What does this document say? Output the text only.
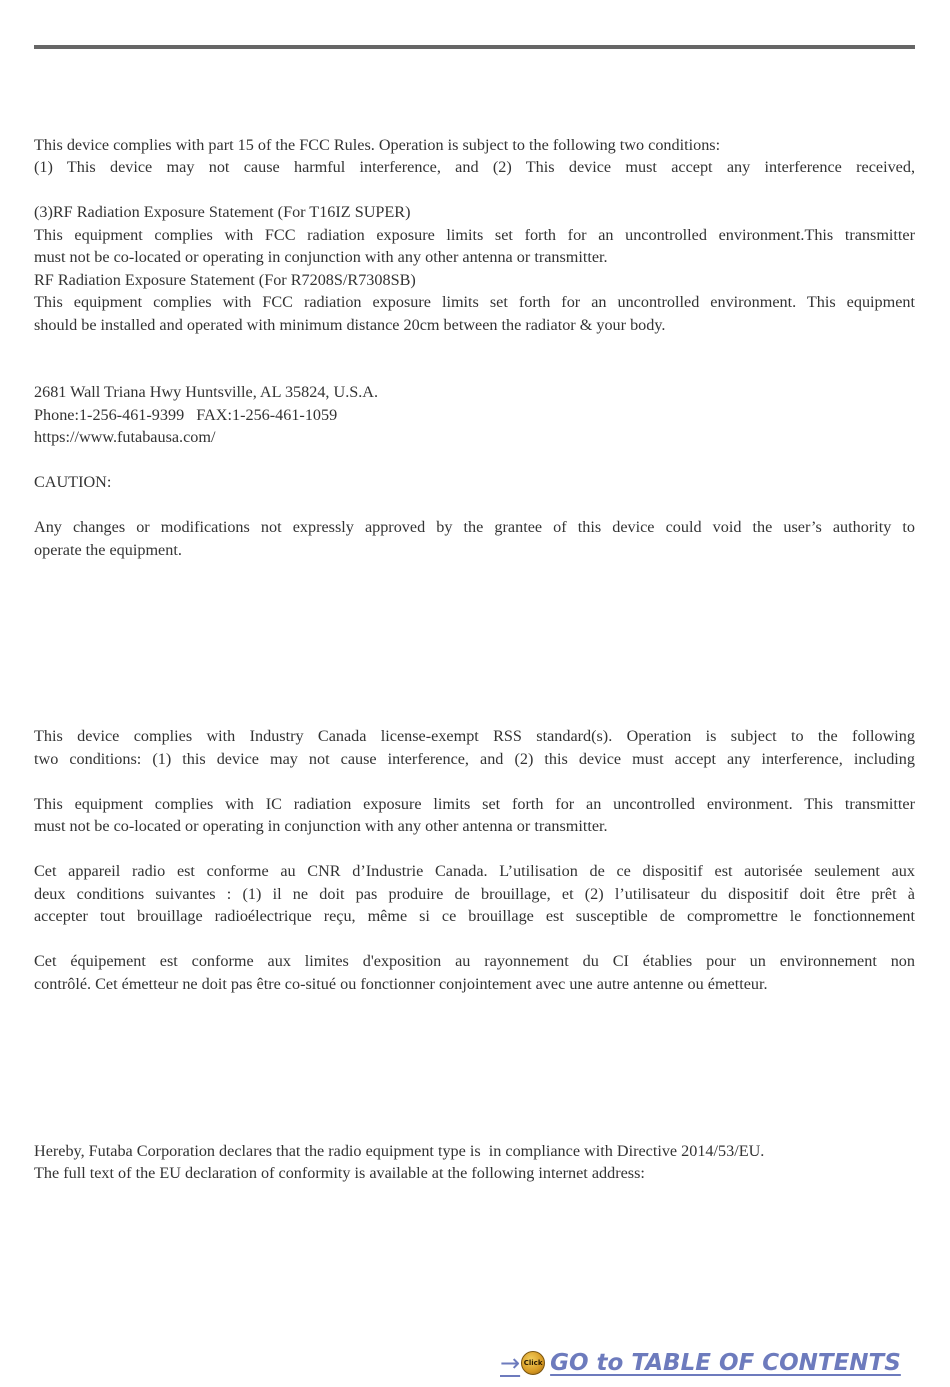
This device complies with part 15 of the FCC Rules. Operation is subject to the following two conditions:
(1) This device may not cause harmful interference, and (2) This device must accept any interference received,
(3)RF Radiation Exposure Statement (For T16IZ SUPER)
This equipment complies with FCC radiation exposure limits set forth for an uncontrolled environment.This transmitter
must not be co-located or operating in conjunction with any other antenna or transmitter.
RF Radiation Exposure Statement (For R7208S/R7308SB)
This equipment complies with FCC radiation exposure limits set forth for an uncontrolled environment. This equipment
should be installed and operated with minimum distance 20cm between the radiator & your body.
2681 Wall Triana Hwy Huntsville, AL 35824, U.S.A.
Phone:1-256-461-9399   FAX:1-256-461-1059
https://www.futabausa.com/
CAUTION:
Any changes or modifications not expressly approved by the grantee of this device could void the user’s authority to
operate the equipment.
This device complies with Industry Canada license-exempt RSS standard(s). Operation is subject to the following
two conditions: (1) this device may not cause interference, and (2) this device must accept any interference, including
This equipment complies with IC radiation exposure limits set forth for an uncontrolled environment. This transmitter
must not be co-located or operating in conjunction with any other antenna or transmitter.
Cet appareil radio est conforme au CNR d’Industrie Canada. L’utilisation de ce dispositif est autorisée seulement aux
deux conditions suivantes : (1) il ne doit pas produire de brouillage, et (2) l’utilisateur du dispositif doit être prêt à
accepter tout brouillage radioélectrique reçu, même si ce brouillage est susceptible de compromettre le fonctionnement
Cet équipement est conforme aux limites d'exposition au rayonnement du CI établies pour un environnement non
contrôlé. Cet émetteur ne doit pas être co-situé ou fonctionner conjointement avec une autre antenne ou émetteur.
Hereby, Futaba Corporation declares that the radio equipment type is  in compliance with Directive 2014/53/EU.
The full text of the EU declaration of conformity is available at the following internet address:
→ Click GO to TABLE OF CONTENTS
